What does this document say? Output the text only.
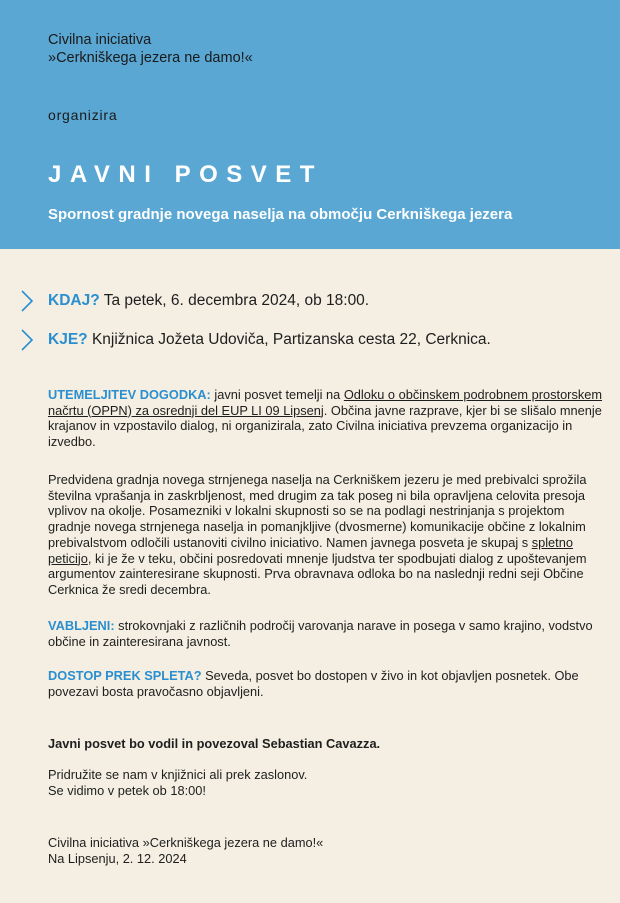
Civilna iniciativa
»Cerkniškega jezera ne damo!«
organizira
JAVNI POSVET
Spornost gradnje novega naselja na območju Cerkniškega jezera
KDAJ? Ta petek, 6. decembra 2024, ob 18:00.
KJE? Knjižnica Jožeta Udoviča, Partizanska cesta 22, Cerknica.
UTEMELJITEV DOGODKA: javni posvet temelji na Odloku o občinskem podrobnem prostorskem načrtu (OPPN) za osrednji del EUP LI 09 Lipsenj. Občina javne razprave, kjer bi se slišalo mnenje krajanov in vzpostavilo dialog, ni organizirala, zato Civilna iniciativa prevzema organizacijo in izvedbo.
Predvidena gradnja novega strnjenega naselja na Cerkniškem jezeru je med prebivalci sprožila številna vprašanja in zaskrbljenost, med drugim za tak poseg ni bila opravljena celovita presoja vplivov na okolje. Posamezniki v lokalni skupnosti so se na podlagi nestrinjanja s projektom gradnje novega strnjenega naselja in pomanjkljive (dvosmerne) komunikacije občine z lokalnim prebivalstvom odločili ustanoviti civilno iniciativo. Namen javnega posveta je skupaj s spletno peticijo, ki je že v teku, občini posredovati mnenje ljudstva ter spodbujati dialog z upoštevanjem argumentov zainteresirane skupnosti. Prva obravnava odloka bo na naslednji redni seji Občine Cerknica že sredi decembra.
VABLJENI: strokovnjaki z različnih področij varovanja narave in posega v samo krajino, vodstvo občine in zainteresirana javnost.
DOSTOP PREK SPLETA? Seveda, posvet bo dostopen v živo in kot objavljen posnetek. Obe povezavi bosta pravočasno objavljeni.
Javni posvet bo vodil in povezoval Sebastian Cavazza.
Pridružite se nam v knjižnici ali prek zaslonov.
Se vidimo v petek ob 18:00!
Civilna iniciativa »Cerkniškega jezera ne damo!«
Na Lipsenju, 2. 12. 2024
